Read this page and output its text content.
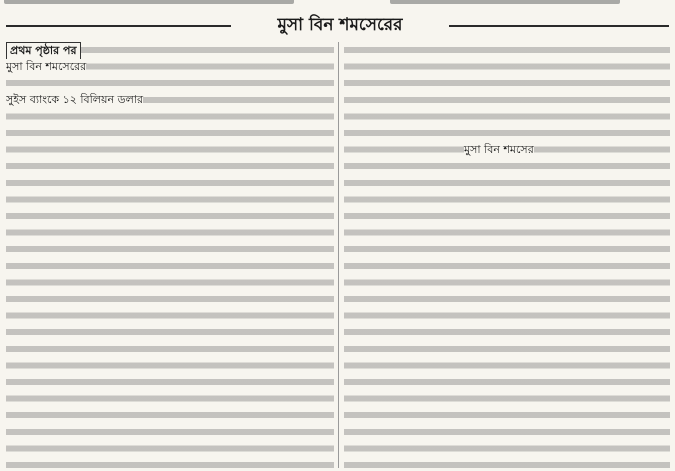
মুসা বিন শমসেরের
প্রথম পৃষ্ঠার পর
মুসা বিন শমসেরের
সুইস ব্যাংকে ১২ বিলিয়ন ডলার
মুসা বিন শমসের
